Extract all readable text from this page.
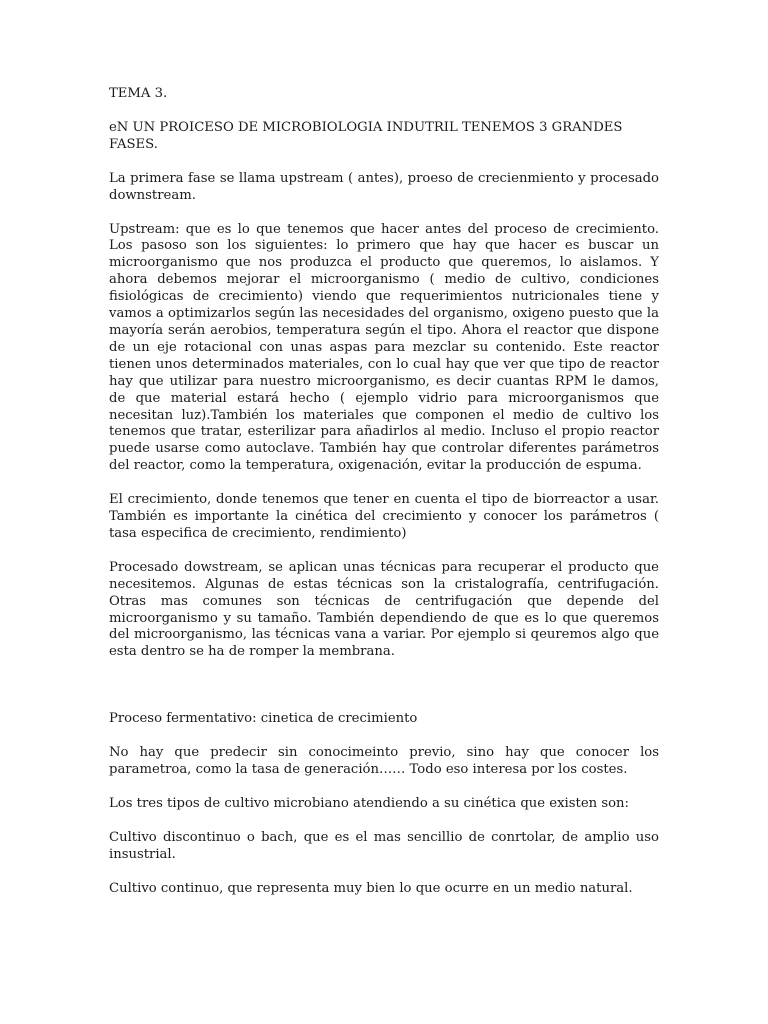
TEMA 3.

eN UN PROICESO DE MICROBIOLOGIA INDUTRIL TENEMOS 3 GRANDES FASES.

La primera fase se llama upstream ( antes), proeso de crecienmiento y procesado downstream.

Upstream: que es lo que tenemos que hacer antes del proceso de crecimiento. Los pasoso son los siguientes: lo primero que hay que hacer es buscar un microorganismo que nos produzca el producto que queremos, lo aislamos. Y ahora debemos mejorar el microorganismo ( medio de cultivo, condiciones fisiológicas de crecimiento) viendo que requerimientos nutricionales tiene y vamos a optimizarlos según las necesidades del organismo, oxigeno puesto que la mayoría serán aerobios, temperatura según el tipo. Ahora el reactor que dispone de un eje rotacional con unas aspas para mezclar su contenido. Este reactor tienen unos determinados materiales, con lo cual hay que ver que tipo de reactor hay que utilizar para nuestro microorganismo, es decir cuantas RPM le damos, de que material estará hecho ( ejemplo vidrio para microorganismos que necesitan luz).También los materiales que componen el medio de cultivo los tenemos que tratar, esterilizar para añadirlos al medio. Incluso el propio reactor puede usarse como autoclave. También hay que controlar diferentes parámetros del reactor, como la temperatura, oxigenación, evitar la producción de espuma.

El crecimiento, donde tenemos que tener en cuenta el tipo de biorreactor a usar. También es importante la cinética del crecimiento y conocer los parámetros ( tasa especifica de crecimiento, rendimiento)

Procesado dowstream, se aplican unas técnicas para recuperar el producto que necesitemos. Algunas de estas técnicas son la cristalografía, centrifugación. Otras mas comunes son técnicas de centrifugación que depende del microorganismo y su tamaño. También dependiendo de que es lo que queremos del microorganismo, las técnicas vana a variar. Por ejemplo si qeuremos algo que esta dentro se ha de romper la membrana.

Proceso fermentativo: cinetica de crecimiento

No hay que predecir sin conocimeinto previo, sino hay que conocer los parametroa, como la tasa de generación…… Todo eso interesa por los costes.

Los tres tipos de cultivo microbiano atendiendo a su cinética que existen son:

Cultivo discontinuo o bach, que es el mas sencillio de conrtolar, de amplio uso insustrial.

Cultivo continuo, que representa muy bien lo que ocurre en un medio natural.
